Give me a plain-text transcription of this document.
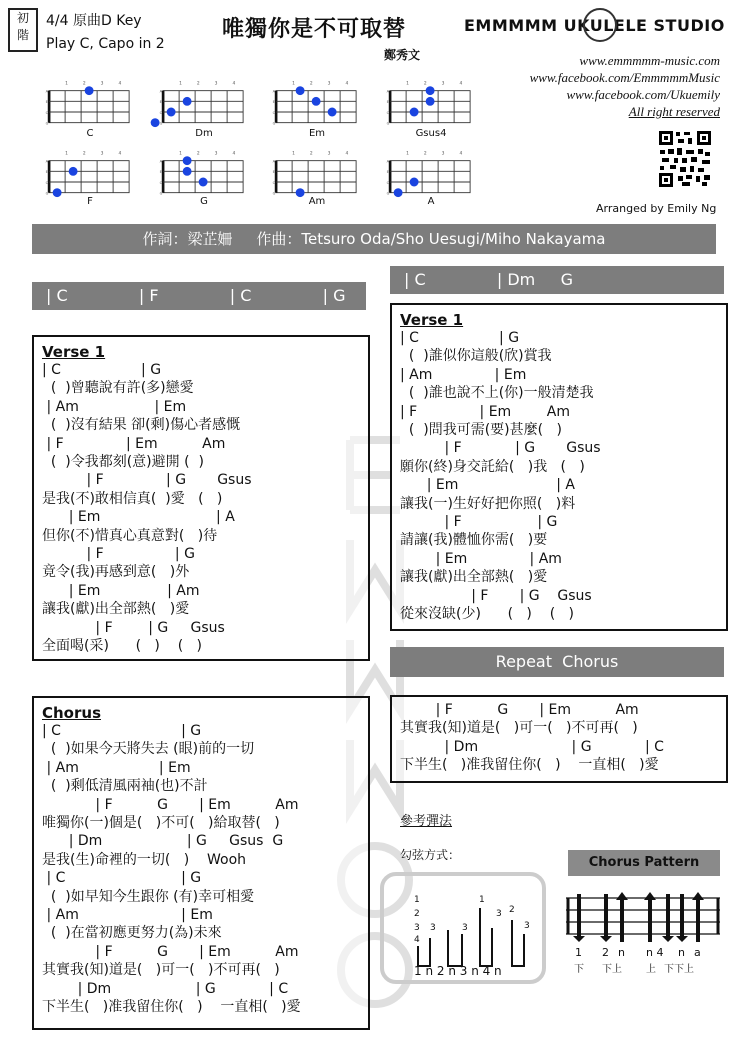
初
階
4/4 原曲D Key
Play C, Capo in 2
唯獨你是不可取替
鄭秀文
EMMMMM UKULELE STUDIO
www.emmmmm-music.com
www.facebook.com/EmmmmmMusic
www.facebook.com/Ukuemily
All right reserved
Arranged by Emily Ng
1	2	3	4
A
E
C
G
C
1	2	3	4
A
E
C
G
Dm
1	2	3	4
A
E
C
G
Em
1	2	3	4
A
E
C
G
Gsus4
1	2	3	4
A
E
C
G
F
1	2	3	4
A
E
C
G
G
1	2	3	4
A
E
C
G
Am
1	2	3	4
A
E
C
G
A
作詞：梁芷姍     作曲：Tetsuro Oda/Sho Uesugi/Miho Nakayama
| C              | Dm     G
| C              | F              | C              | G
Verse 1
| C                  | G
(  )曾聽說有許(多)戀愛
| Am                 | Em
(  )沒有結果 卻(剩)傷心者感慨
| F              | Em          Am
(  )令我都刻(意)避開 (  )
| F              | G       Gsus
是我(不)敢相信真(  )愛   (   )
| Em                          | A
但你(不)惜真心真意對(   )待
| F                | G
竟令(我)再感到意(   )外
| Em               | Am
讓我(獻)出全部熱(   )愛
| F        | G     Gsus
全面喝(采)      (   )    (   )
Verse 1
| C                  | G
(  )誰似你這般(欣)賞我
| Am              | Em
(  )誰也說不上(你)一般清楚我
| F              | Em        Am
(  )問我可需(要)甚麼(   )
| F            | G       Gsus
願你(終)身交託給(   )我   (   )
| Em                      | A
讓我(一)生好好把你照(   )料
| F                 | G
請讓(我)體恤你需(   )要
| Em              | Am
讓我(獻)出全部熱(   )愛
| F       | G    Gsus
從來沒缺(少)      (   )    (   )
Repeat  Chorus
| F          G       | Em          Am
其實我(知)道是(   )可一(   )不可再(   )
| Dm                     | G            | C
下半生(   )准我留住你(   )    一直相(   )愛
Chorus
| C                           | G
(  )如果今天將失去 (眼)前的一切
| Am                  | Em
(  )剩低清風兩袖(也)不計
| F          G       | Em          Am
唯獨你(一)個是(   )不可(   )給取替(   )
| Dm                   | G     Gsus  G
是我(生)命裡的一切(   )    Wooh
| C                          | G
(  )如早知今生跟你 (有)幸可相愛
| Am                       | Em
(  )在當初應更努力(為)未來
| F          G       | Em          Am
其實我(知)道是(   )可一(   )不可再(   )
| Dm                   | G            | C
下半生(   )准我留住你(   )    一直相(   )愛
參考彈法
勾弦方式：
1
2
3
4
3	3
1
3 2
3
1 n 2 n 3 n 4 n
Chorus Pattern
1 2 n n 4 n a
下 下上 上 下下上
